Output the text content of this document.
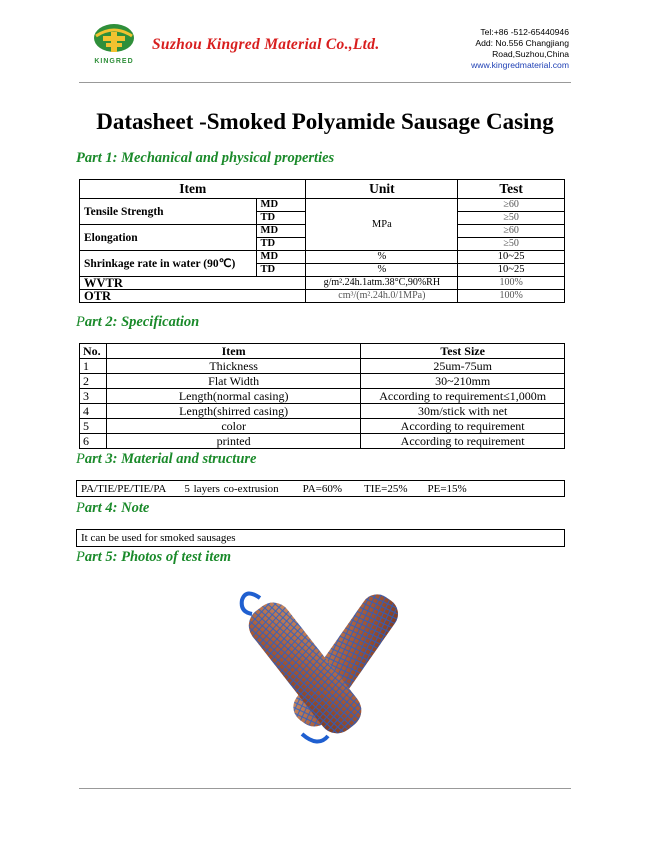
KINGRED
Suzhou Kingred Material Co.,Ltd.
Tel:+86 -512-65440946
Add: No.556 Changjiang
Road,Suzhou,China
www.kingredmaterial.com
Datasheet -Smoked Polyamide Sausage Casing
Part 1: Mechanical and physical properties
Item		Unit	Test
Tensile Strength	MD	MPa	≥60
	TD		≥50
Elongation	MD		≥60
	TD		≥50
Shrinkage rate in water (90℃)	MD	%	10~25
	TD	%	10~25
WVTR		g/m².24h.1atm.38°C,90%RH	100%
OTR		cm³/(m².24h.0/1MPa)	100%
Part 2: Specification
No.	Item	Test Size
1	Thickness	25um-75um
2	Flat Width	30~210mm
3	Length(normal casing)	According to requirement≤1,000m
4	Length(shirred casing)	30m/stick with net
5	color	According to requirement
6	printed	According to requirement
Part 3: Material and structure
PA/TIE/PE/TIE/PA 5 layers co-extrusion PA=60% TIE=25% PE=15%
Part 4: Note
It can be used for smoked sausages
Part 5: Photos of test item
